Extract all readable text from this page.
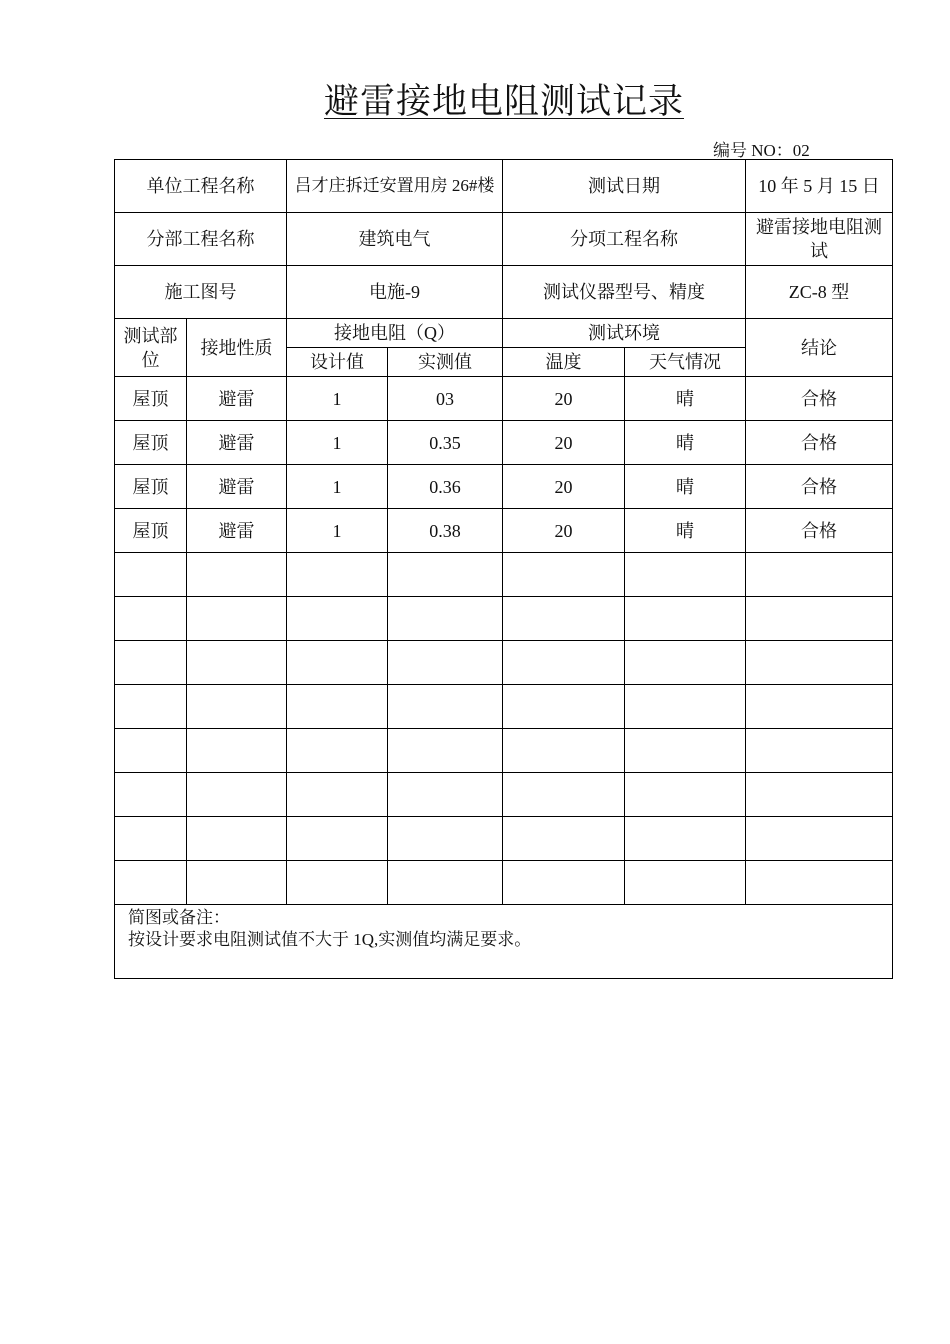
避雷接地电阻测试记录
编号 NO：02
单位工程名称		吕才庄拆迁安置用房 26#楼		测试日期		10 年 5 月 15 日
分部工程名称		建筑电气		分项工程名称		避雷接地电阻测试
施工图号		电施-9		测试仪器型号、精度		ZC-8 型
测试部位	接地性质	接地电阻（Q）		测试环境		结论
		设计值	实测值	温度	天气情况	
屋顶	避雷	1	03	20	晴	合格
屋顶	避雷	1	0.35	20	晴	合格
屋顶	避雷	1	0.36	20	晴	合格
屋顶	避雷	1	0.38	20	晴	合格

简图或备注：
按设计要求电阻测试值不大于 1Q,实测值均满足要求。						
